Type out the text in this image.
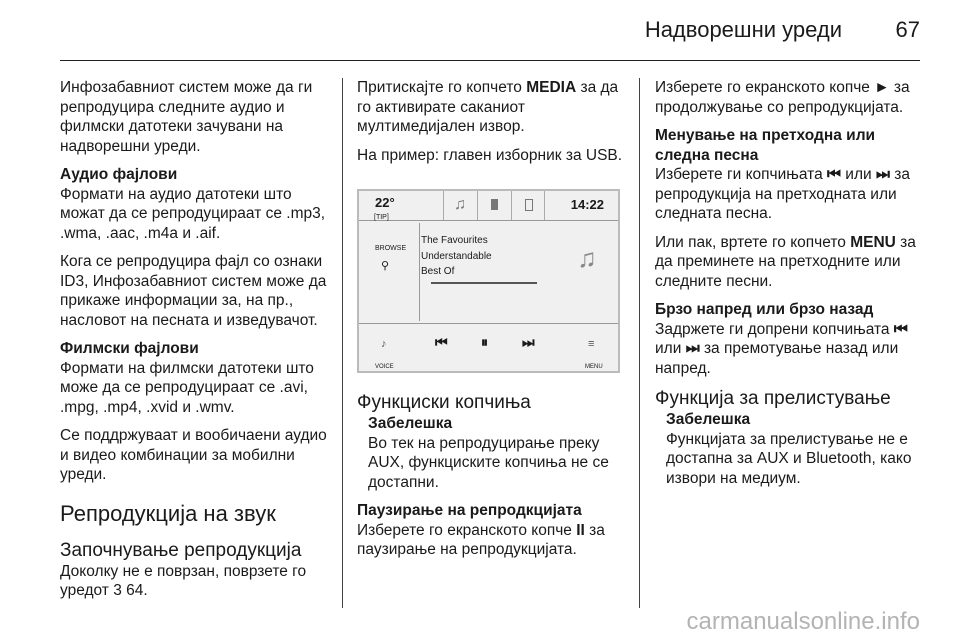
Надворешни уреди 67

Инфозабавниот систем може да ги репродуцира следните аудио и филмски датотеки зачувани на надворешни уреди.

Аудио фајлови

Формати на аудио датотеки што можат да се репродуцираат се .mp3, .wma, .aac, .m4a и .aif.

Кога се репродуцира фајл со ознаки ID3, Инфозабавниот систем може да прикаже информации за, на пр., насловот на песната и изведувачот.

Филмски фајлови

Формати на филмски датотеки што може да се репродуцираат се .avi, .mpg, .mp4, .xvid и .wmv.

Се поддржуваат и вообичаени аудио и видео комбинации за мобилни уреди.

Репродукција на звук

Започнување репродукција

Доколку не е поврзан, поврзете го уредот 3 64.

Притискајте го копчето MEDIA за да го активирате саканиот мултимедијален извор.

На пример: главен изборник за USB.

22°
[TIP]
♫	14:22
BROWSE
⚲
The Favourites
Understandable
Best Of	♫
♪
VOICE
⏮ ⏸ ⏭	≡
MENU

Функциски копчиња

Забелешка

Во тек на репродуцирање преку AUX, функциските копчиња не се достапни.

Паузирање на репродкцијата

Изберете го екранското копче II за паузирање на репродукцијата.

Изберете го екранското копче ► за продолжување со репродукцијата.

Менување на претходна или следна песна

Изберете ги копчињата ⏮ или ⏭ за репродукција на претходната или следната песна.

Или пак, вртете го копчето MENU за да преминете на претходните или следните песни.

Брзо напред или брзо назад

Задржете ги допрени копчињата ⏮ или ⏭ за премотување назад или напред.

Функција за прелистување

Забелешка

Функцијата за прелистување не е достапна за AUX и Bluetooth, како извори на медиум.

carmanualsonline.info
